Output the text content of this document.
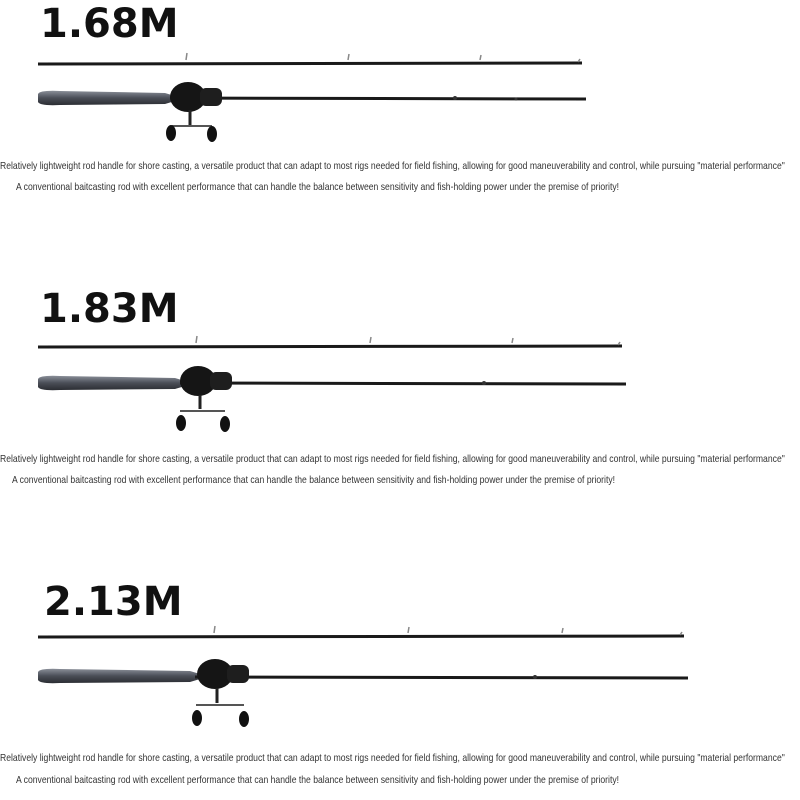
1.68M
Relatively lightweight rod handle for shore casting, a versatile product that can adapt to most rigs needed for field fishing, allowing for good maneuverability and control, while pursuing "material performance"
A conventional baitcasting rod with excellent performance that can handle the balance between sensitivity and fish-holding power under the premise of priority!
1.83M
Relatively lightweight rod handle for shore casting, a versatile product that can adapt to most rigs needed for field fishing, allowing for good maneuverability and control, while pursuing "material performance"
A conventional baitcasting rod with excellent performance that can handle the balance between sensitivity and fish-holding power under the premise of priority!
2.13M
Relatively lightweight rod handle for shore casting, a versatile product that can adapt to most rigs needed for field fishing, allowing for good maneuverability and control, while pursuing "material performance"
A conventional baitcasting rod with excellent performance that can handle the balance between sensitivity and fish-holding power under the premise of priority!
